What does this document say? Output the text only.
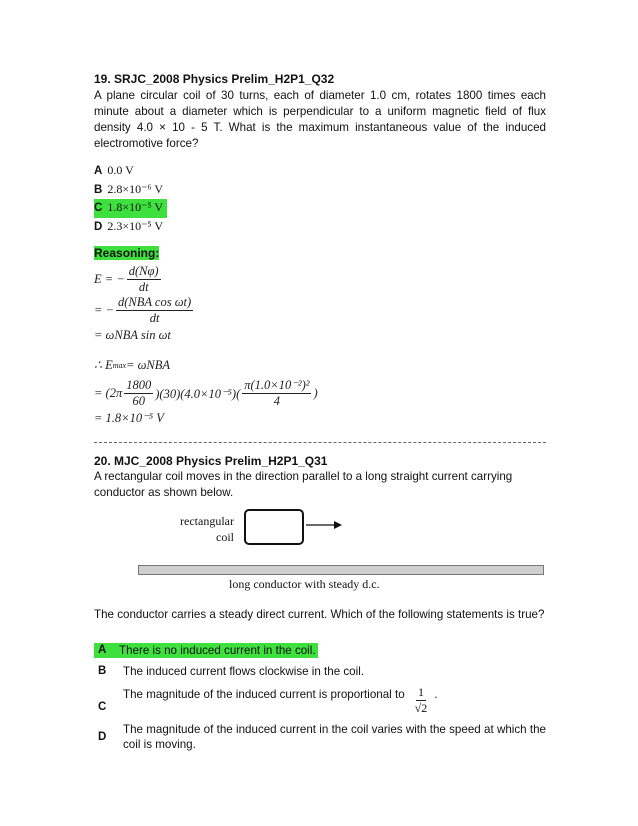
19. SRJC_2008 Physics Prelim_H2P1_Q32
A plane circular coil of 30 turns, each of diameter 1.0 cm, rotates 1800 times each minute about a diameter which is perpendicular to a uniform magnetic field of flux density 4.0 × 10 - 5 T. What is the maximum instantaneous value of the induced electromotive force?
A 0.0 V
B 2.8×10⁻⁶ V
C 1.8×10⁻⁵ V
D 2.3×10⁻⁵ V
Reasoning:
E = − $\frac{d(N\varphi)}{dt}$
= − $\frac{\text{d(NBA cos ωt)}}{dt}$
= ωNBA sin ωt
∴ E max = ωNBA
= $(2\pi \frac{1800}{60} )(30)(4.0\times 10^{-5})( \frac{\text{π(1.0×10⁻²)²}}{4}$ )
= 1.8×10⁻⁵ V
20. MJC_2008 Physics Prelim_H2P1_Q31
A rectangular coil moves in the direction parallel to a long straight current carrying conductor as shown below.
rectangular
coil
long conductor with steady d.c.
The conductor carries a steady direct current. Which of the following statements is true?
A	There is no induced current in the coil.
B	The induced current flows clockwise in the coil.
C
The magnitude of the induced current is proportional to $\frac{1}{√2}$ .
D
The magnitude of the induced current in the coil varies with the speed at which the coil is moving.
